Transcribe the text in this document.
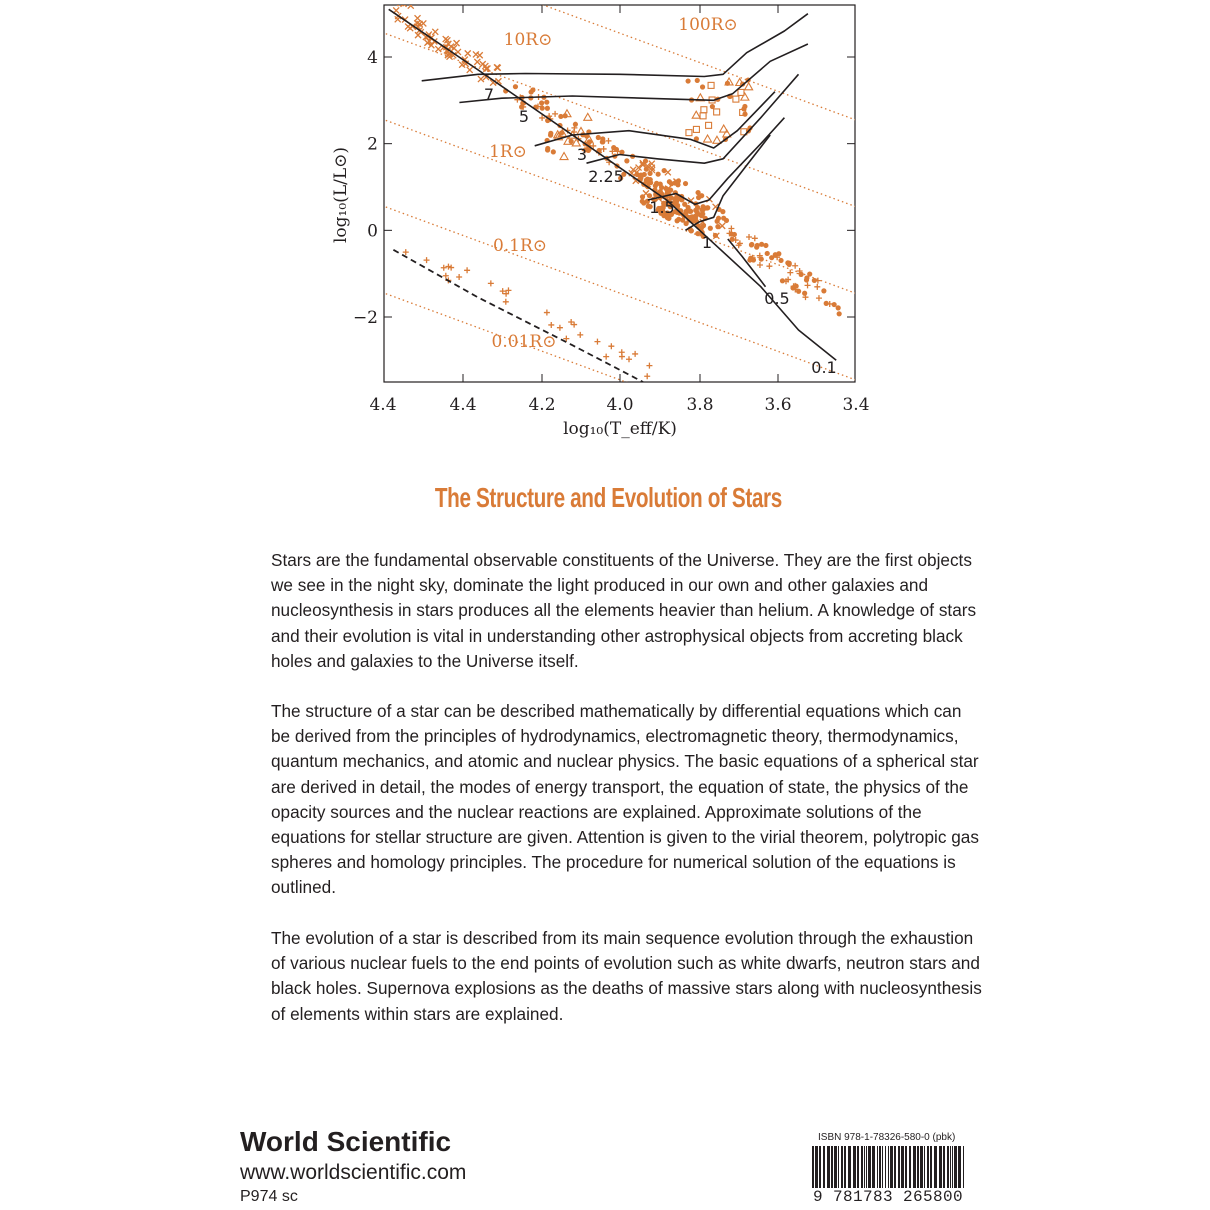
4.4	4.4	4.2	4.0	3.8	3.6	3.4
4
2
0
−2
100R⊙
10R⊙
1R⊙
0.1R⊙
0.01R⊙
7
5
3
2.25
1.5
1
0.5
0.1
log₁₀(T_eff/K)
log₁₀(L/L⊙)
The Structure and Evolution of Stars

Stars are the fundamental observable constituents of the Universe. They are the first objects we see in the night sky, dominate the light produced in our own and other galaxies and nucleosynthesis in stars produces all the elements heavier than helium. A knowledge of stars and their evolution is vital in understanding other astrophysical objects from accreting black holes and galaxies to the Universe itself.

The structure of a star can be described mathematically by differential equations which can be derived from the principles of hydrodynamics, electromagnetic theory, thermodynamics, quantum mechanics, and atomic and nuclear physics. The basic equations of a spherical star are derived in detail, the modes of energy transport, the equation of state, the physics of the opacity sources and the nuclear reactions are explained. Approximate solutions of the equations for stellar structure are given. Attention is given to the virial theorem, polytropic gas spheres and homology principles. The procedure for numerical solution of the equations is outlined.

The evolution of a star is described from its main sequence evolution through the exhaustion of various nuclear fuels to the end points of evolution such as white dwarfs, neutron stars and black holes. Supernova explosions as the deaths of massive stars along with nucleosynthesis of elements within stars are explained.

World Scientific
www.worldscientific.com
P974 sc
ISBN 978-1-78326-580-0 (pbk)
9 781783 265800
